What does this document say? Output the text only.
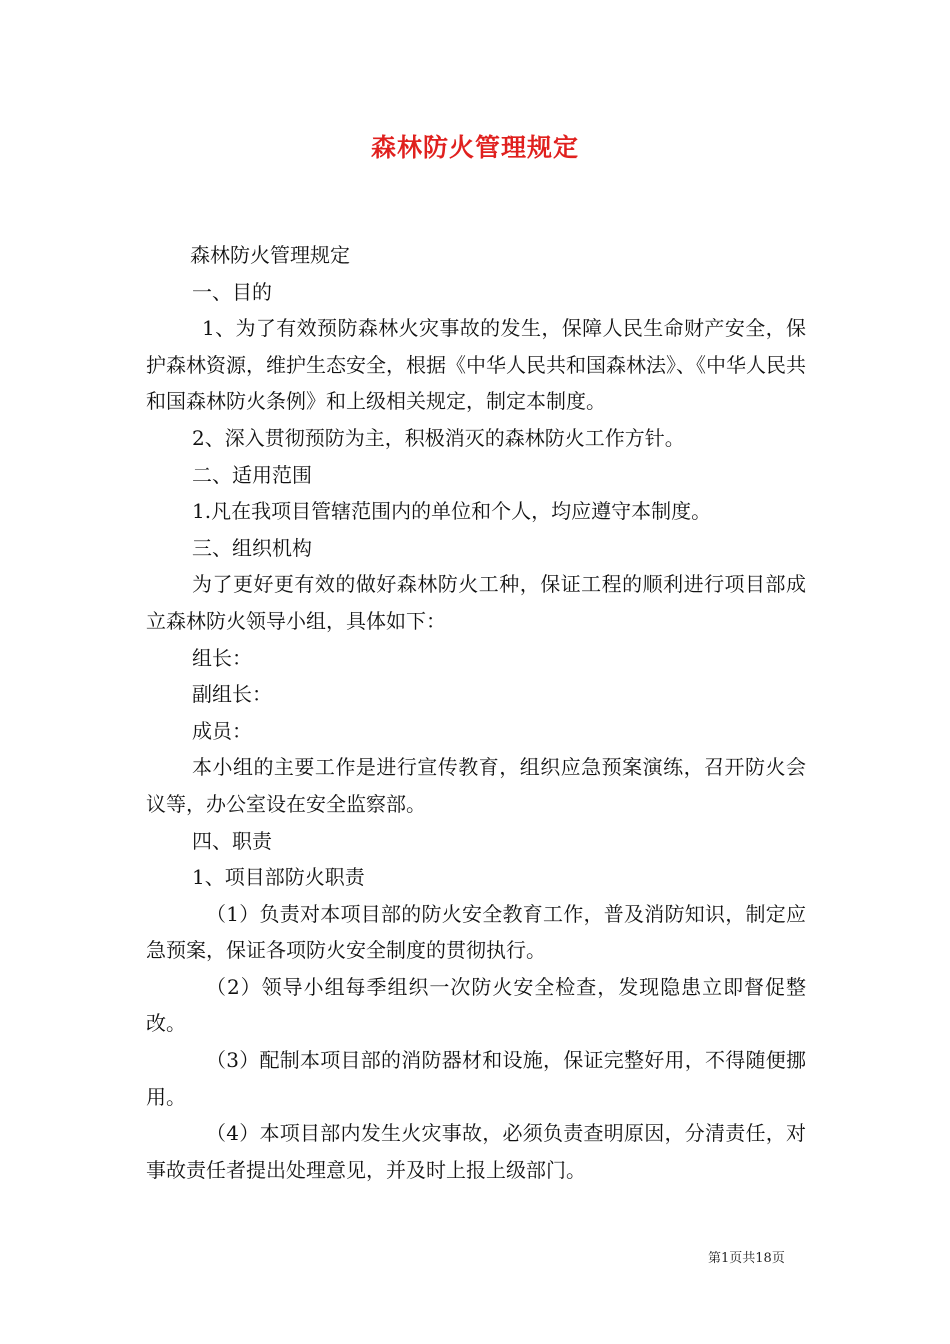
森林防火管理规定

森林防火管理规定

一、目的

1、为了有效预防森林火灾事故的发生，保障人民生命财产安全，保护森林资源，维护生态安全，根据《中华人民共和国森林法》、《中华人民共和国森林防火条例》和上级相关规定，制定本制度。

2、深入贯彻预防为主，积极消灭的森林防火工作方针。

二、适用范围

1.凡在我项目管辖范围内的单位和个人，均应遵守本制度。

三、组织机构

为了更好更有效的做好森林防火工种，保证工程的顺利进行项目部成立森林防火领导小组，具体如下：

组长：

副组长：

成员：

本小组的主要工作是进行宣传教育，组织应急预案演练，召开防火会议等，办公室设在安全监察部。

四、职责

1、项目部防火职责

（1）负责对本项目部的防火安全教育工作，普及消防知识，制定应急预案，保证各项防火安全制度的贯彻执行。

（2）领导小组每季组织一次防火安全检查，发现隐患立即督促整改。

（3）配制本项目部的消防器材和设施，保证完整好用，不得随便挪用。

（4）本项目部内发生火灾事故，必须负责查明原因，分清责任，对事故责任者提出处理意见，并及时上报上级部门。

第1页共18页
